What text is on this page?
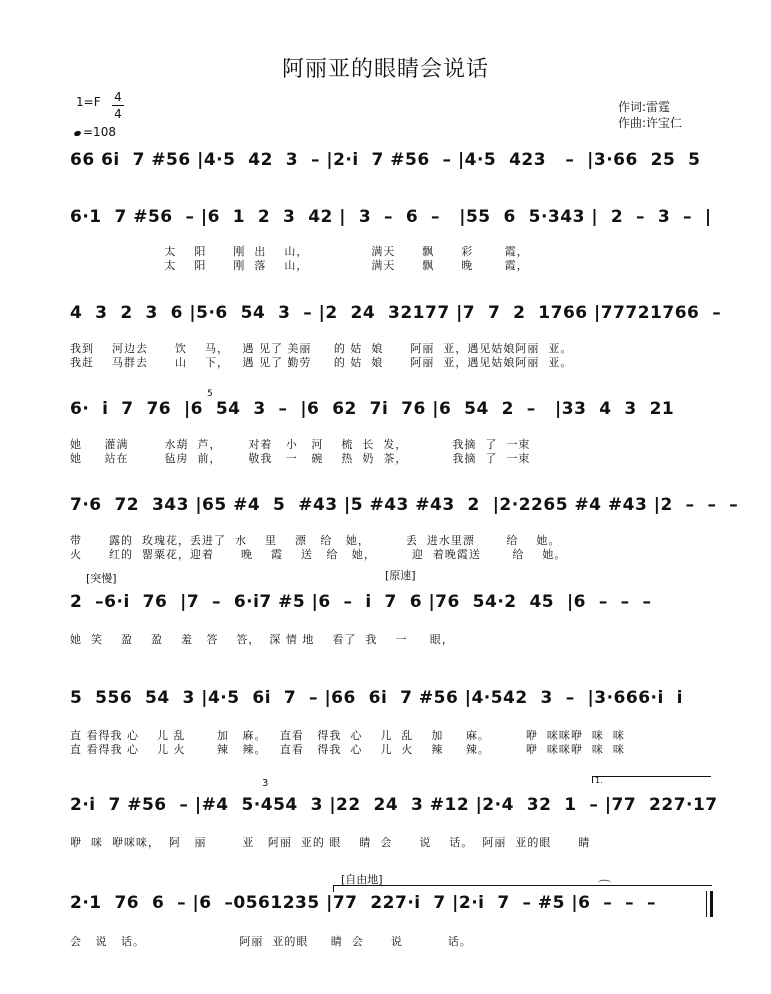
阿丽亚的眼睛会说话
1=F 4
4
=108
作词:雷霆
作曲:许宝仁
66 6i  7 #56 |4·5  42  3  – |2·i  7 #56  – |4·5  423   –  |3·66  25  5
6·1  7 #56  – |6  1  2  3  42 |  3  –  6  –   |55  6  5·343 |  2  –  3  –  |
太    阳      刚  出    山，              满天      飘      彩       霞，
太    阳      刚  落    山，              满天      飘      晚       霞，
4  3  2  3  6 |5·6  54  3  – |2  24  32177 |7  7  2  1766 |77721766  –
我到    河边去      饮    马，   遇 见了 美丽     的 姑  娘      阿丽  亚，遇见姑娘阿丽  亚。
我赶    马群去      山    下，   遇 见了 勤劳     的 姑  娘      阿丽  亚，遇见姑娘阿丽  亚。
5
6·  i  7  76  |6  54  3  –  |6  62  7i  76 |6  54  2  –   |33  4  3  21
她     灌满        水葫  芦，      对着   小   河    梳  长  发，          我摘  了  一束
她     站在        毡房  前，      敬我   一   碗    热  奶  茶，          我摘  了  一束
7·6  72  343 |65 #4  5  #43 |5 #43 #43  2  |2·2265 #4 #43 |2  –  –  –
带      露的  玫瑰花，丢进了  水    里    漂   给   她，        丢  进水里漂       给    她。
火      红的  罂粟花，迎着      晚    霞    送   给   她，        迎  着晚霞送       给    她。
[突慢]	[原速]
2  –6·i  76  |7  –  6·i7 #5 |6  –  i  7  6 |76  54·2  45  |6  –  –  –
她  笑    盈    盈    羞   答    答，  深 情 地    看了  我    一     眼，
5  556  54  3 |4·5  6i  7  – |66  6i  7 #56 |4·542  3  –  |3·666·i  i
直 看得我 心    儿 乱       加   麻。   直看   得我  心    儿  乱    加     麻。        咿  咪咪咿  咪  咪
直 看得我 心    儿 火       辣   辣。   直看   得我  心    儿  火    辣     辣。        咿  咪咪咿  咪  咪
1.
3
2·i  7 #56  – |#4  5·454  3 |22  24  3 #12 |2·4  32  1  – |77  227·17
咿  咪  咿咪咪，  阿   丽        亚   阿丽  亚的 眼    睛  会      说    话。  阿丽  亚的眼      睛
[自由地]
2·1  76  6  – |6  –0561235 |77  227·i  7 |2·i  7  – #5 |6  –  –  –
会   说   话。                     阿丽  亚的眼     睛  会      说          话。
⌒
